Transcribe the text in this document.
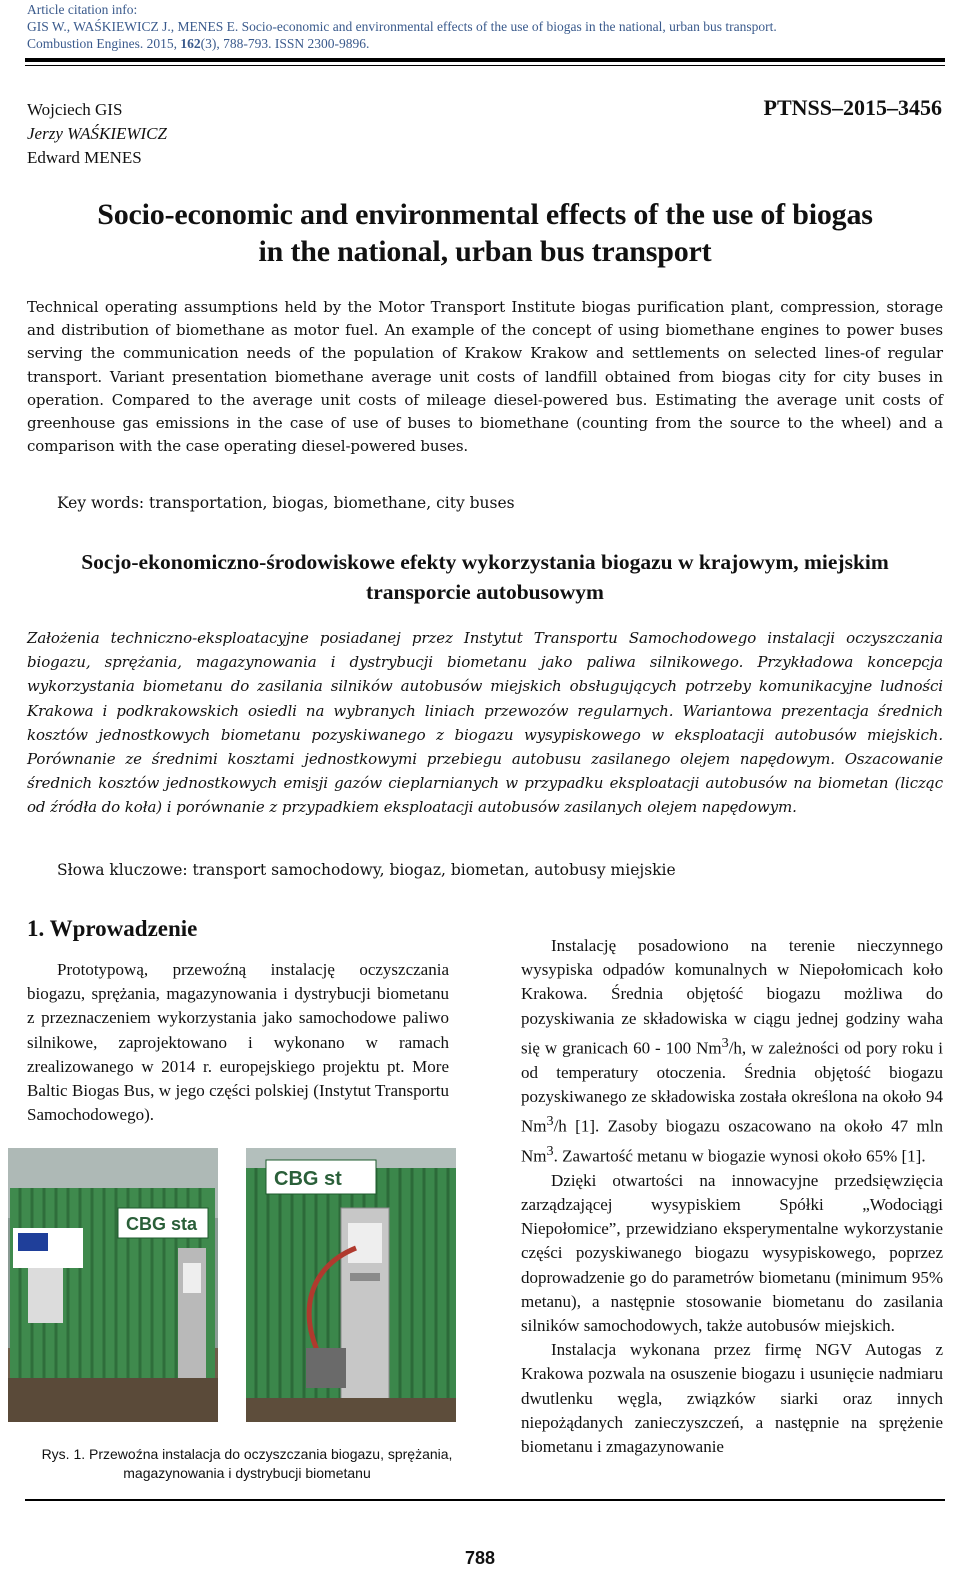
Article citation info:
GIS W., WAŚKIEWICZ J., MENES E. Socio-economic and environmental effects of the use of biogas in the national, urban bus transport.
Combustion Engines. 2015, 162(3), 788-793. ISSN 2300-9896.
Wojciech GIS
Jerzy WAŚKIEWICZ
Edward MENES
PTNSS–2015–3456
Socio-economic and environmental effects of the use of biogas
in the national, urban bus transport
Technical operating assumptions held by the Motor Transport Institute biogas purification plant, compression, storage and distribution of biomethane as motor fuel. An example of the concept of using biomethane engines to power buses serving the communication needs of the population of Krakow Krakow and settlements on selected lines-of regular transport. Variant presentation biomethane average unit costs of landfill obtained from biogas city for city buses in operation. Compared to the average unit costs of mileage diesel-powered bus. Estimating the average unit costs of greenhouse gas emissions in the case of use of buses to biomethane (counting from the source to the wheel) and a comparison with the case operating diesel-powered buses.
Key words: transportation, biogas, biomethane, city buses
Socjo-ekonomiczno-środowiskowe efekty wykorzystania biogazu w krajowym, miejskim
transporcie autobusowym
Założenia techniczno-eksploatacyjne posiadanej przez Instytut Transportu Samochodowego instalacji oczyszczania biogazu, sprężania, magazynowania i dystrybucji biometanu jako paliwa silnikowego. Przykładowa koncepcja wykorzystania biometanu do zasilania silników autobusów miejskich obsługujących potrzeby komunikacyjne ludności Krakowa i podkrakowskich osiedli na wybranych liniach przewozów regularnych. Wariantowa prezentacja średnich kosztów jednostkowych biometanu pozyskiwanego z biogazu wysypiskowego w eksploatacji autobusów miejskich. Porównanie ze średnimi kosztami jednostkowymi przebiegu autobusu zasilanego olejem napędowym. Oszacowanie średnich kosztów jednostkowych emisji gazów cieplarnianych w przypadku eksploatacji autobusów na biometan (licząc od źródła do koła) i porównanie z przypadkiem eksploatacji autobusów zasilanych olejem napędowym.
Słowa kluczowe: transport samochodowy, biogaz, biometan, autobusy miejskie
1. Wprowadzenie

Prototypową, przewoźną instalację oczyszczania biogazu, sprężania, magazynowania i dystrybucji biometanu z przeznaczeniem wykorzystania jako samochodowe paliwo silnikowe, zaprojektowano i wykonano w ramach zrealizowanego w 2014 r. europejskiego projektu pt. More Baltic Biogas Bus, w jego części polskiej (Instytut Transportu Samochodowego).

CBG sta
CBG st
Rys. 1. Przewoźna instalacja do oczyszczania biogazu, sprężania, magazynowania i dystrybucji biometanu

Instalację posadowiono na terenie nieczynnego wysypiska odpadów komunalnych w Niepołomicach koło Krakowa. Średnia objętość biogazu możliwa do pozyskiwania ze składowiska w ciągu jednej godziny waha się w granicach 60 - 100 Nm$^3$/h, w zależności od pory roku i od temperatury otoczenia. Średnia objętość biogazu pozyskiwanego ze składowiska została określona na około 94 Nm$^3$/h [1]. Zasoby biogazu oszacowano na około 47 mln Nm$^3$. Zawartość metanu w biogazie wynosi około 65% [1].

Dzięki otwartości na innowacyjne przedsięwzięcia zarządzającej wysypiskiem Spółki „Wodociągi Niepołomice”, przewidziano eksperymentalne wykorzystanie części pozyskiwanego biogazu wysypiskowego, poprzez doprowadzenie go do parametrów biometanu (minimum 95% metanu), a następnie stosowanie biometanu do zasilania silników samochodowych, także autobusów miejskich.

Instalacja wykonana przez firmę NGV Autogas z Krakowa pozwala na osuszenie biogazu i usunięcie nadmiaru dwutlenku węgla, związków siarki oraz innych niepożądanych zanieczyszczeń, a następnie na sprężenie biometanu i zmagazynowanie

788
